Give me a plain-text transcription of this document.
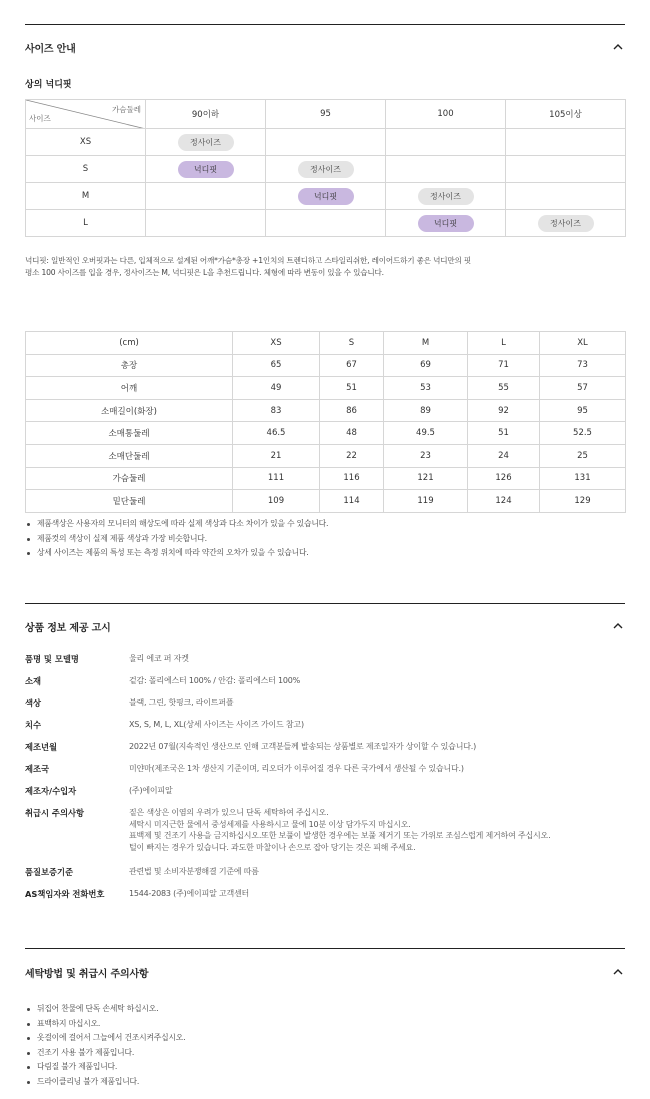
사이즈 안내
상의 넉디핏
가슴둘레
사이즈	90이하	95	100	105이상
XS	정사이즈			
S	넉디핏	정사이즈		
M		넉디핏	정사이즈	
L			넉디핏	정사이즈
넉디핏: 일반적인 오버핏과는 다른, 입체적으로 설계된 어깨*가슴*총장 +1인치의 트렌디하고 스타일리쉬한, 레이어드하기 좋은 넉디만의 핏
평소 100 사이즈를 입을 경우, 정사이즈는 M, 넉디핏은 L을 추천드립니다. 체형에 따라 변동이 있을 수 있습니다.
(cm)	XS	S	M	L	XL
총장	65	67	69	71	73
어깨	49	51	53	55	57
소매길이(화장)	83	86	89	92	95
소매통둘레	46.5	48	49.5	51	52.5
소매단둘레	21	22	23	24	25
가슴둘레	111	116	121	126	131
밑단둘레	109	114	119	124	129
제품색상은 사용자의 모니터의 해상도에 따라 실제 색상과 다소 차이가 있을 수 있습니다.
제품컷의 색상이 실제 제품 색상과 가장 비슷합니다.
상세 사이즈는 제품의 특성 또는 측정 위치에 따라 약간의 오차가 있을 수 있습니다.
상품 정보 제공 고시
품명 및 모델명	울리 에코 퍼 자켓
소재	겉감: 폴리에스터 100% / 안감: 폴리에스터 100%
색상	블랙, 그린, 핫핑크, 라이트퍼플
치수	XS, S, M, L, XL(상세 사이즈는 사이즈 가이드 참고)
제조년월	2022년 07월(지속적인 생산으로 인해 고객분들께 발송되는 상품별로 제조일자가 상이할 수 있습니다.)
제조국	미얀마(제조국은 1차 생산지 기준이며, 리오더가 이루어질 경우 다른 국가에서 생산될 수 있습니다.)
제조자/수입자	(주)에이피알
취급시 주의사항	짙은 색상은 이염의 우려가 있으니 단독 세탁하여 주십시오.
세탁시 미지근한 물에서 중성세제를 사용하시고 물에 10분 이상 담가두지 마십시오.
표백제 및 건조기 사용을 금지하십시오.또한 보풀이 발생한 경우에는 보풀 제거기 또는 가위로 조심스럽게 제거하여 주십시오.
털이 빠지는 경우가 있습니다. 과도한 마찰이나 손으로 잡아 당기는 것은 피해 주세요.
품질보증기준	관련법 및 소비자분쟁해결 기준에 따름
AS책임자와 전화번호	1544-2083 (주)에이피알 고객센터
세탁방법 및 취급시 주의사항
뒤집어 찬물에 단독 손세탁 하십시오.
표백하지 마십시오.
옷걸이에 걸어서 그늘에서 건조시켜주십시오.
건조기 사용 불가 제품입니다.
다림질 불가 제품입니다.
드라이클리닝 불가 제품입니다.
